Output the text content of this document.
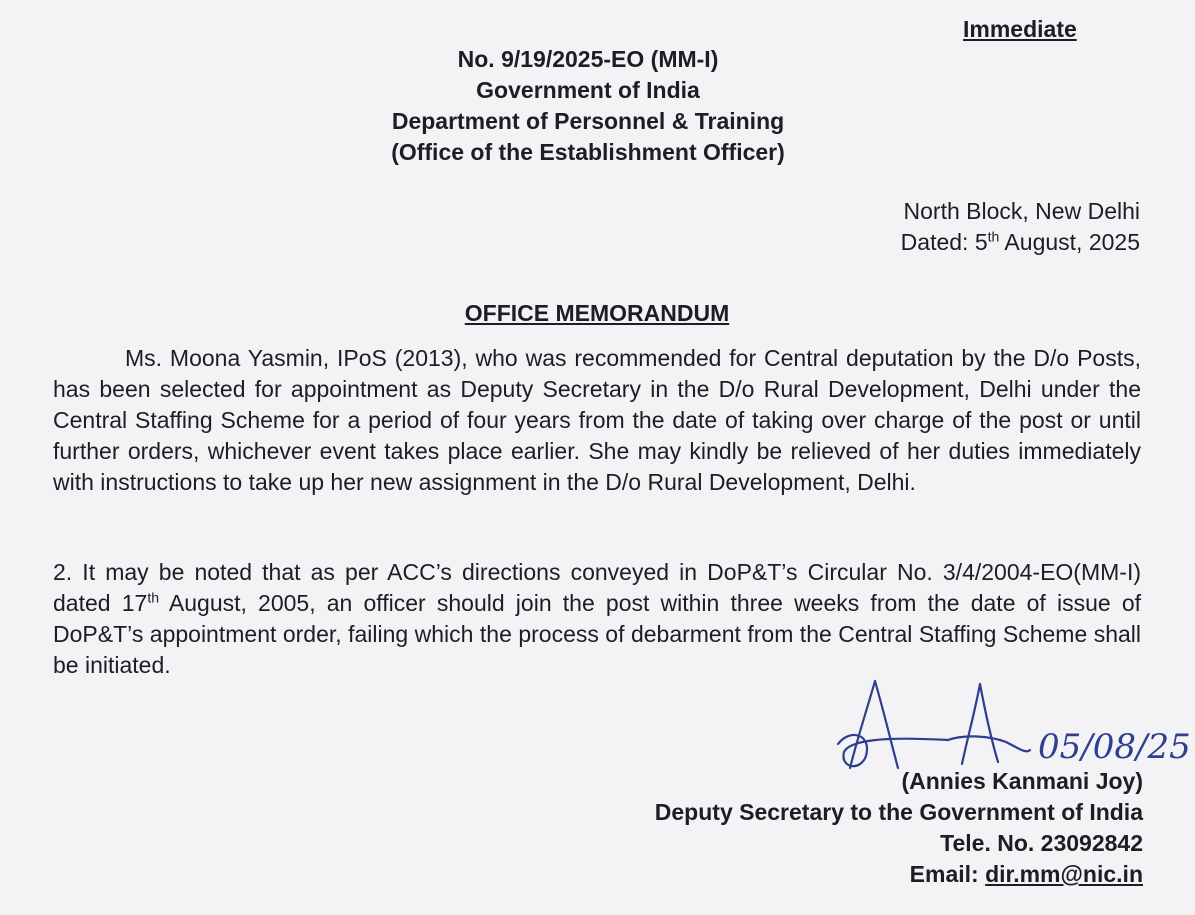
Immediate
No. 9/19/2025-EO (MM-I)
Government of India
Department of Personnel & Training
(Office of the Establishment Officer)
North Block, New Delhi
Dated: 5th August, 2025
OFFICE MEMORANDUM
Ms. Moona Yasmin, IPoS (2013), who was recommended for Central deputation by the D/o Posts, has been selected for appointment as Deputy Secretary in the D/o Rural Development, Delhi under the Central Staffing Scheme for a period of four years from the date of taking over charge of the post or until further orders, whichever event takes place earlier. She may kindly be relieved of her duties immediately with instructions to take up her new assignment in the D/o Rural Development, Delhi.
2. It may be noted that as per ACC’s directions conveyed in DoP&T’s Circular No. 3/4/2004-EO(MM-I) dated 17th August, 2005, an officer should join the post within three weeks from the date of issue of DoP&T’s appointment order, failing which the process of debarment from the Central Staffing Scheme shall be initiated.
05/08/25
(Annies Kanmani Joy)
Deputy Secretary to the Government of India
Tele. No. 23092842
Email: dir.mm@nic.in
